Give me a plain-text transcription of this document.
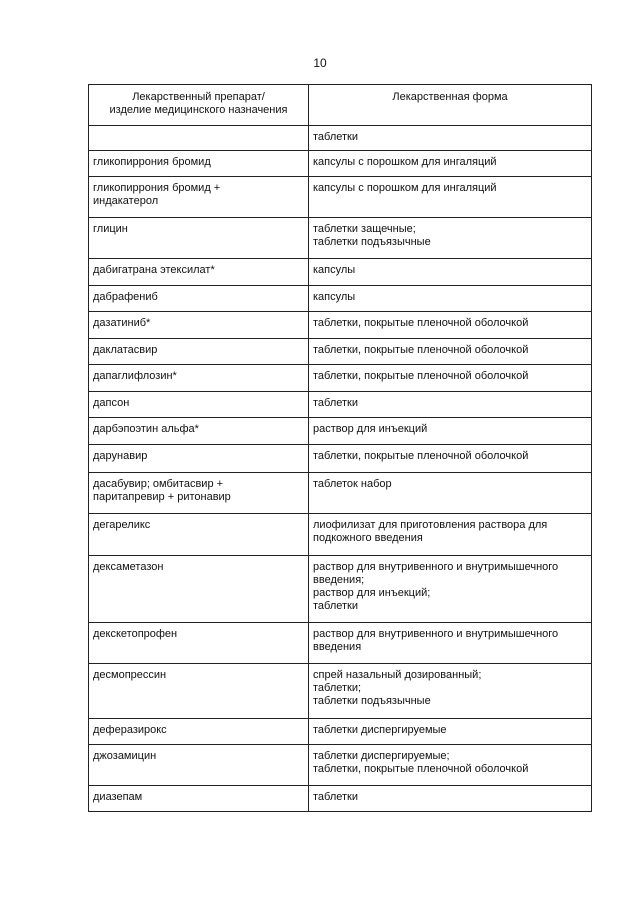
10
Лекарственный препарат/
изделие медицинского назначения	Лекарственная форма

	таблетки

гликопиррония бромид	капсулы с порошком для ингаляций

гликопиррония бромид +
индакатерол	капсулы с порошком для ингаляций

глицин	таблетки защечные;
таблетки подъязычные

дабигатрана этексилат*	капсулы

дабрафениб	капсулы

дазатиниб*	таблетки, покрытые пленочной оболочкой

даклатасвир	таблетки, покрытые пленочной оболочкой

дапаглифлозин*	таблетки, покрытые пленочной оболочкой

дапсон	таблетки

дарбэпоэтин альфа*	раствор для инъекций

дарунавир	таблетки, покрытые пленочной оболочкой

дасабувир; омбитасвир +
паритапревир + ритонавир	таблеток набор

дегареликс	лиофилизат для приготовления раствора для
подкожного введения

дексаметазон	раствор для внутривенного и внутримышечного
введения;
раствор для инъекций;
таблетки

декскетопрофен	раствор для внутривенного и внутримышечного
введения

десмопрессин	спрей назальный дозированный;
таблетки;
таблетки подъязычные

деферазирокс	таблетки диспергируемые

джозамицин	таблетки диспергируемые;
таблетки, покрытые пленочной оболочкой

диазепам	таблетки
